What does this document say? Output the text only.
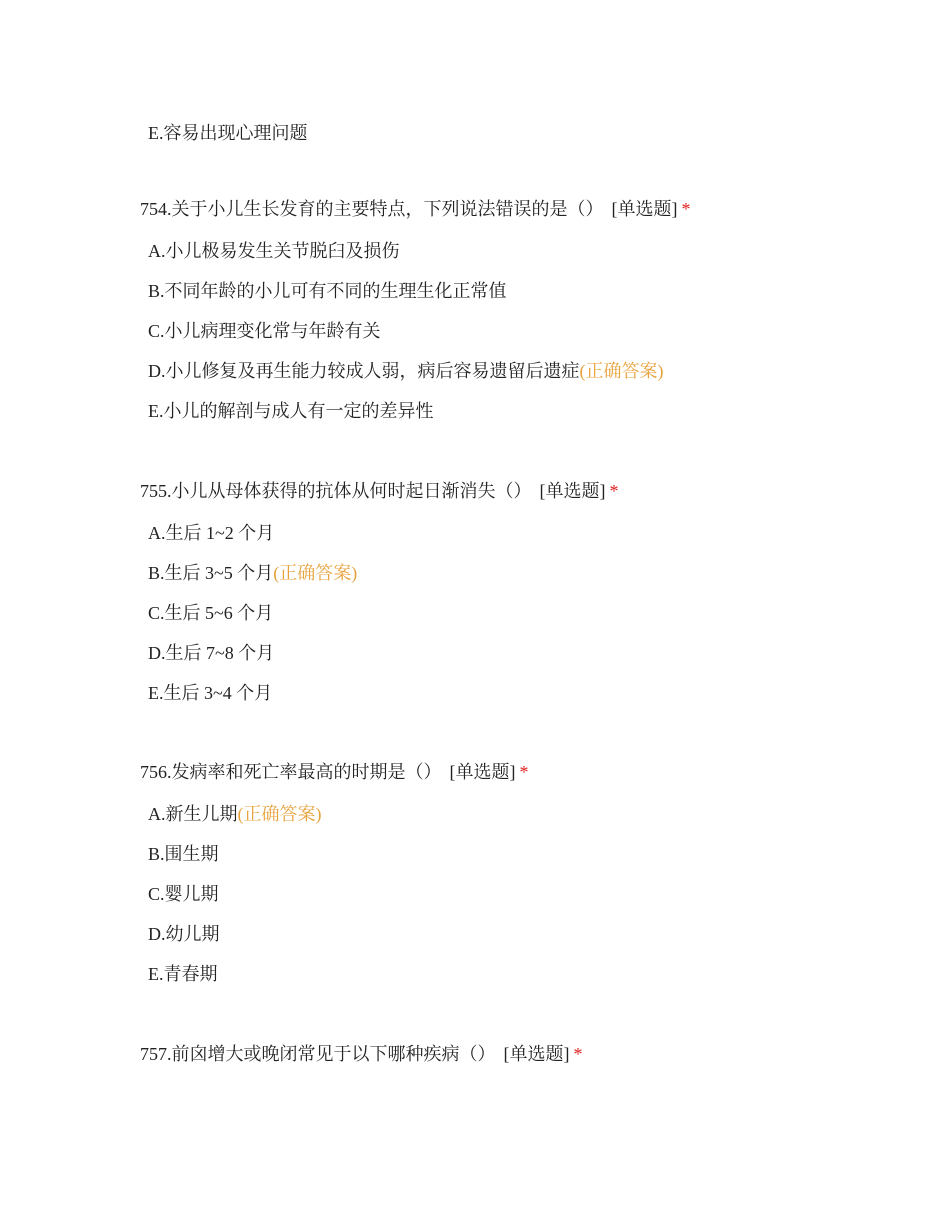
E.容易出现心理问题
754.关于小儿生长发育的主要特点，下列说法错误的是（） [单选题] *
A.小儿极易发生关节脱臼及损伤
B.不同年龄的小儿可有不同的生理生化正常值
C.小儿病理变化常与年龄有关
D.小儿修复及再生能力较成人弱，病后容易遗留后遗症(正确答案)
E.小儿的解剖与成人有一定的差异性
755.小儿从母体获得的抗体从何时起日渐消失（） [单选题] *
A.生后 1~2 个月
B.生后 3~5 个月(正确答案)
C.生后 5~6 个月
D.生后 7~8 个月
E.生后 3~4 个月
756.发病率和死亡率最高的时期是（） [单选题] *
A.新生儿期(正确答案)
B.围生期
C.婴儿期
D.幼儿期
E.青春期
757.前囟增大或晚闭常见于以下哪种疾病（） [单选题] *
